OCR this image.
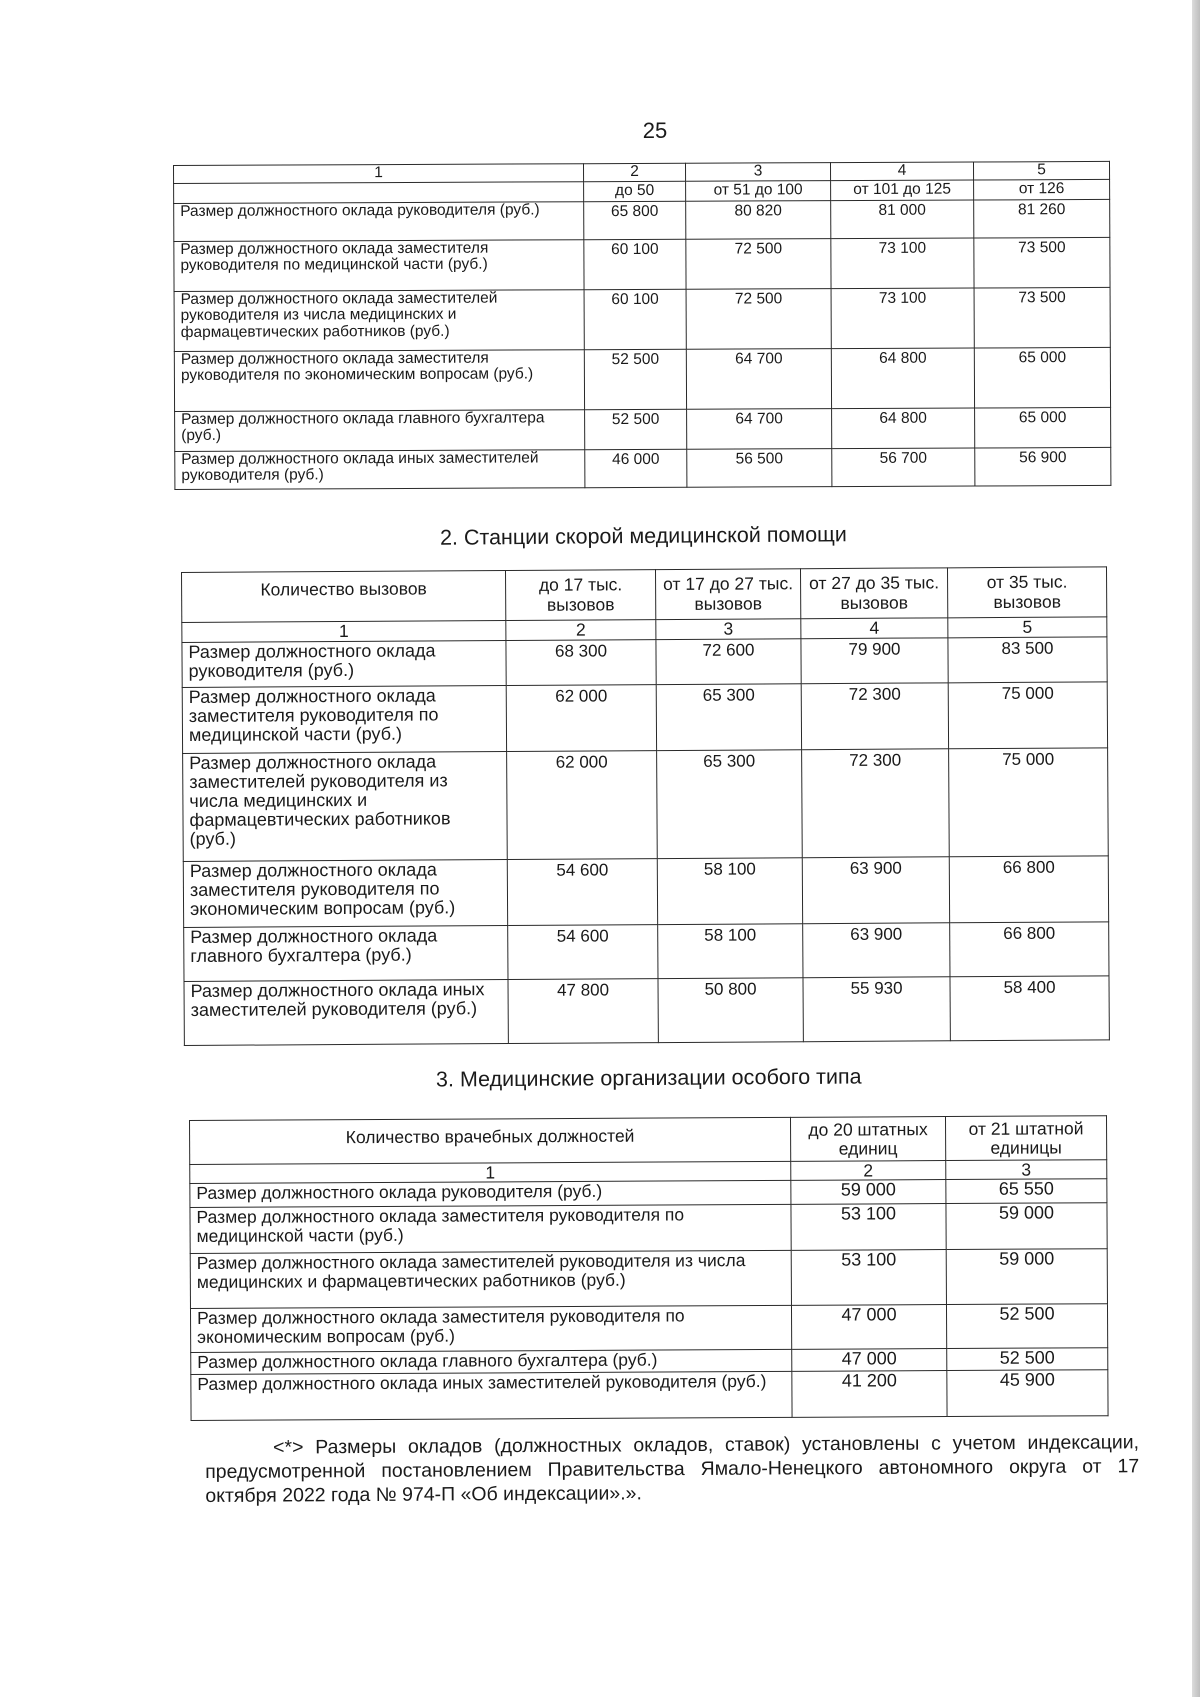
25
1	2	3	4	5
	до 50	от 51 до 100	от 101 до 125	от 126
Размер должностного оклада руководителя (руб.)	65 800	80 820	81 000	81 260
Размер должностного оклада заместителя руководителя по медицинской части (руб.)	60 100	72 500	73 100	73 500
Размер должностного оклада заместителей руководителя из числа медицинских и фармацевтических работников (руб.)	60 100	72 500	73 100	73 500
Размер должностного оклада заместителя руководителя по экономическим вопросам (руб.)	52 500	64 700	64 800	65 000
Размер должностного оклада главного бухгалтера (руб.)	52 500	64 700	64 800	65 000
Размер должностного оклада иных заместителей руководителя (руб.)	46 000	56 500	56 700	56 900
2. Станции скорой медицинской помощи
Количество вызовов	до 17 тыс. вызовов	от 17 до 27 тыс. вызовов	от 27 до 35 тыс. вызовов	от 35 тыс. вызовов
1	2	3	4	5
Размер должностного оклада руководителя (руб.)	68 300	72 600	79 900	83 500
Размер должностного оклада заместителя руководителя по медицинской части (руб.)	62 000	65 300	72 300	75 000
Размер должностного оклада заместителей руководителя из числа медицинских и фармацевтических работников (руб.)	62 000	65 300	72 300	75 000
Размер должностного оклада заместителя руководителя по экономическим вопросам (руб.)	54 600	58 100	63 900	66 800
Размер должностного оклада главного бухгалтера (руб.)	54 600	58 100	63 900	66 800
Размер должностного оклада иных заместителей руководителя (руб.)	47 800	50 800	55 930	58 400
3. Медицинские организации особого типа
Количество врачебных должностей	до 20 штатных единиц	от 21 штатной единицы
1	2	3
Размер должностного оклада руководителя (руб.)	59 000	65 550
Размер должностного оклада заместителя руководителя по медицинской части (руб.)	53 100	59 000
Размер должностного оклада заместителей руководителя из числа медицинских и фармацевтических работников (руб.)	53 100	59 000
Размер должностного оклада заместителя руководителя по экономическим вопросам (руб.)	47 000	52 500
Размер должностного оклада главного бухгалтера (руб.)	47 000	52 500
Размер должностного оклада иных заместителей руководителя (руб.)	41 200	45 900
<*> Размеры окладов (должностных окладов, ставок) установлены с учетом индексации, предусмотренной постановлением Правительства Ямало-Ненецкого автономного округа от 17 октября 2022 года № 974-П «Об индексации».».
